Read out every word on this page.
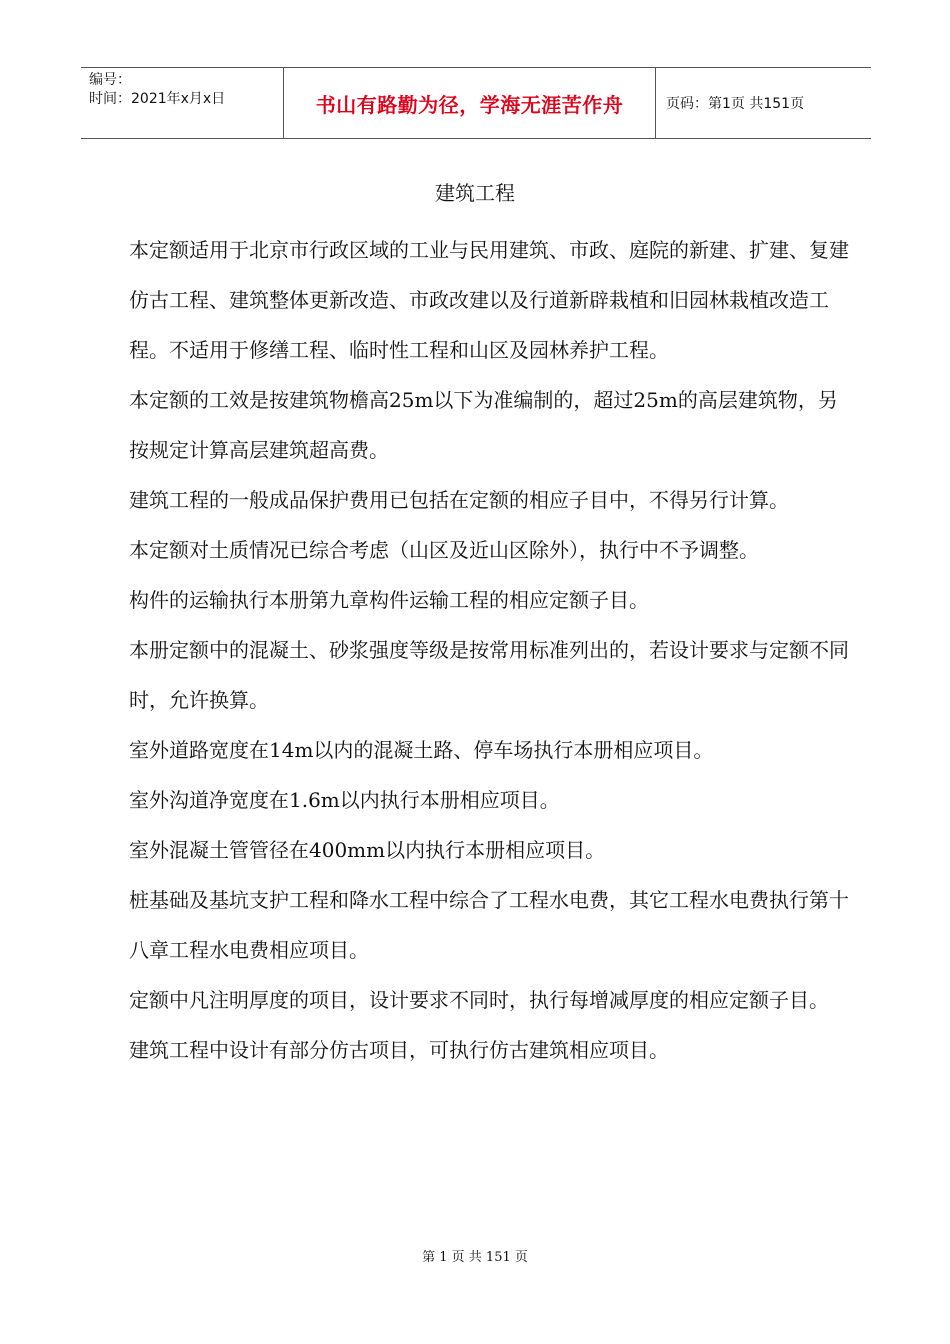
编号：
时间：2021年x月x日	书山有路勤为径，学海无涯苦作舟	页码：第1页 共151页
建筑工程

本定额适用于北京市行政区域的工业与民用建筑、市政、庭院的新建、扩建、复建仿古工程、建筑整体更新改造、市政改建以及行道新辟栽植和旧园林栽植改造工程。不适用于修缮工程、临时性工程和山区及园林养护工程。

本定额的工效是按建筑物檐高25m以下为准编制的，超过25m的高层建筑物，另按规定计算高层建筑超高费。

建筑工程的一般成品保护费用已包括在定额的相应子目中，不得另行计算。

本定额对土质情况已综合考虑（山区及近山区除外），执行中不予调整。

构件的运输执行本册第九章构件运输工程的相应定额子目。

本册定额中的混凝土、砂浆强度等级是按常用标准列出的，若设计要求与定额不同时，允许换算。

室外道路宽度在14m以内的混凝土路、停车场执行本册相应项目。

室外沟道净宽度在1.6m以内执行本册相应项目。

室外混凝土管管径在400mm以内执行本册相应项目。

桩基础及基坑支护工程和降水工程中综合了工程水电费，其它工程水电费执行第十八章工程水电费相应项目。

定额中凡注明厚度的项目，设计要求不同时，执行每增减厚度的相应定额子目。

建筑工程中设计有部分仿古项目，可执行仿古建筑相应项目。

第 1 页 共 151 页
